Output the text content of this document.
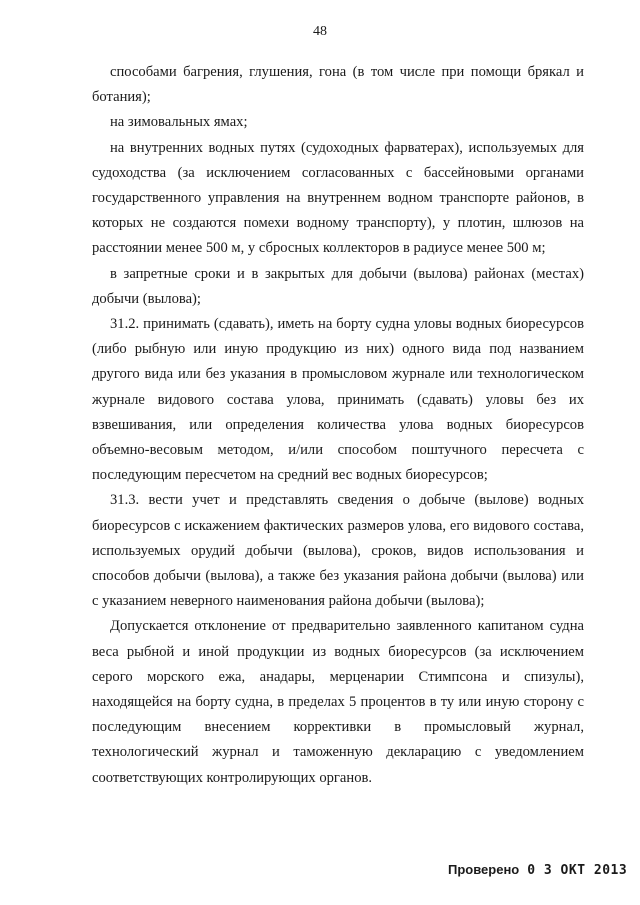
48

способами багрения, глушения, гона (в том числе при помощи брякал и ботания);

на зимовальных ямах;

на внутренних водных путях (судоходных фарватерах), используемых для судоходства (за исключением согласованных с бассейновыми органами государственного управления на внутреннем водном транспорте районов, в которых не создаются помехи водному транспорту), у плотин, шлюзов на расстоянии менее 500 м, у сбросных коллекторов в радиусе менее 500 м;

в запретные сроки и в закрытых для добычи (вылова) районах (местах) добычи (вылова);

31.2. принимать (сдавать), иметь на борту судна уловы водных биоресурсов (либо рыбную или иную продукцию из них) одного вида под названием другого вида или без указания в промысловом журнале или технологическом журнале видового состава улова, принимать (сдавать) уловы без их взвешивания, или определения количества улова водных биоресурсов объемно-весовым методом, и/или способом поштучного пересчета с последующим пересчетом на средний вес водных биоресурсов;

31.3. вести учет и представлять сведения о добыче (вылове) водных биоресурсов с искажением фактических размеров улова, его видового состава, используемых орудий добычи (вылова), сроков, видов использования и способов добычи (вылова), а также без указания района добычи (вылова) или с указанием неверного наименования района добычи (вылова);

Допускается отклонение от предварительно заявленного капитаном судна веса рыбной и иной продукции из водных биоресурсов (за исключением серого морского ежа, анадары, мерценарии Стимпсона и спизулы), находящейся на борту судна, в пределах 5 процентов в ту или иную сторону с последующим внесением коррективки в промысловый журнал, технологический журнал и таможенную декларацию с уведомлением соответствующих контролирующих органов.

Проверено 0 3 ОКТ 2013
